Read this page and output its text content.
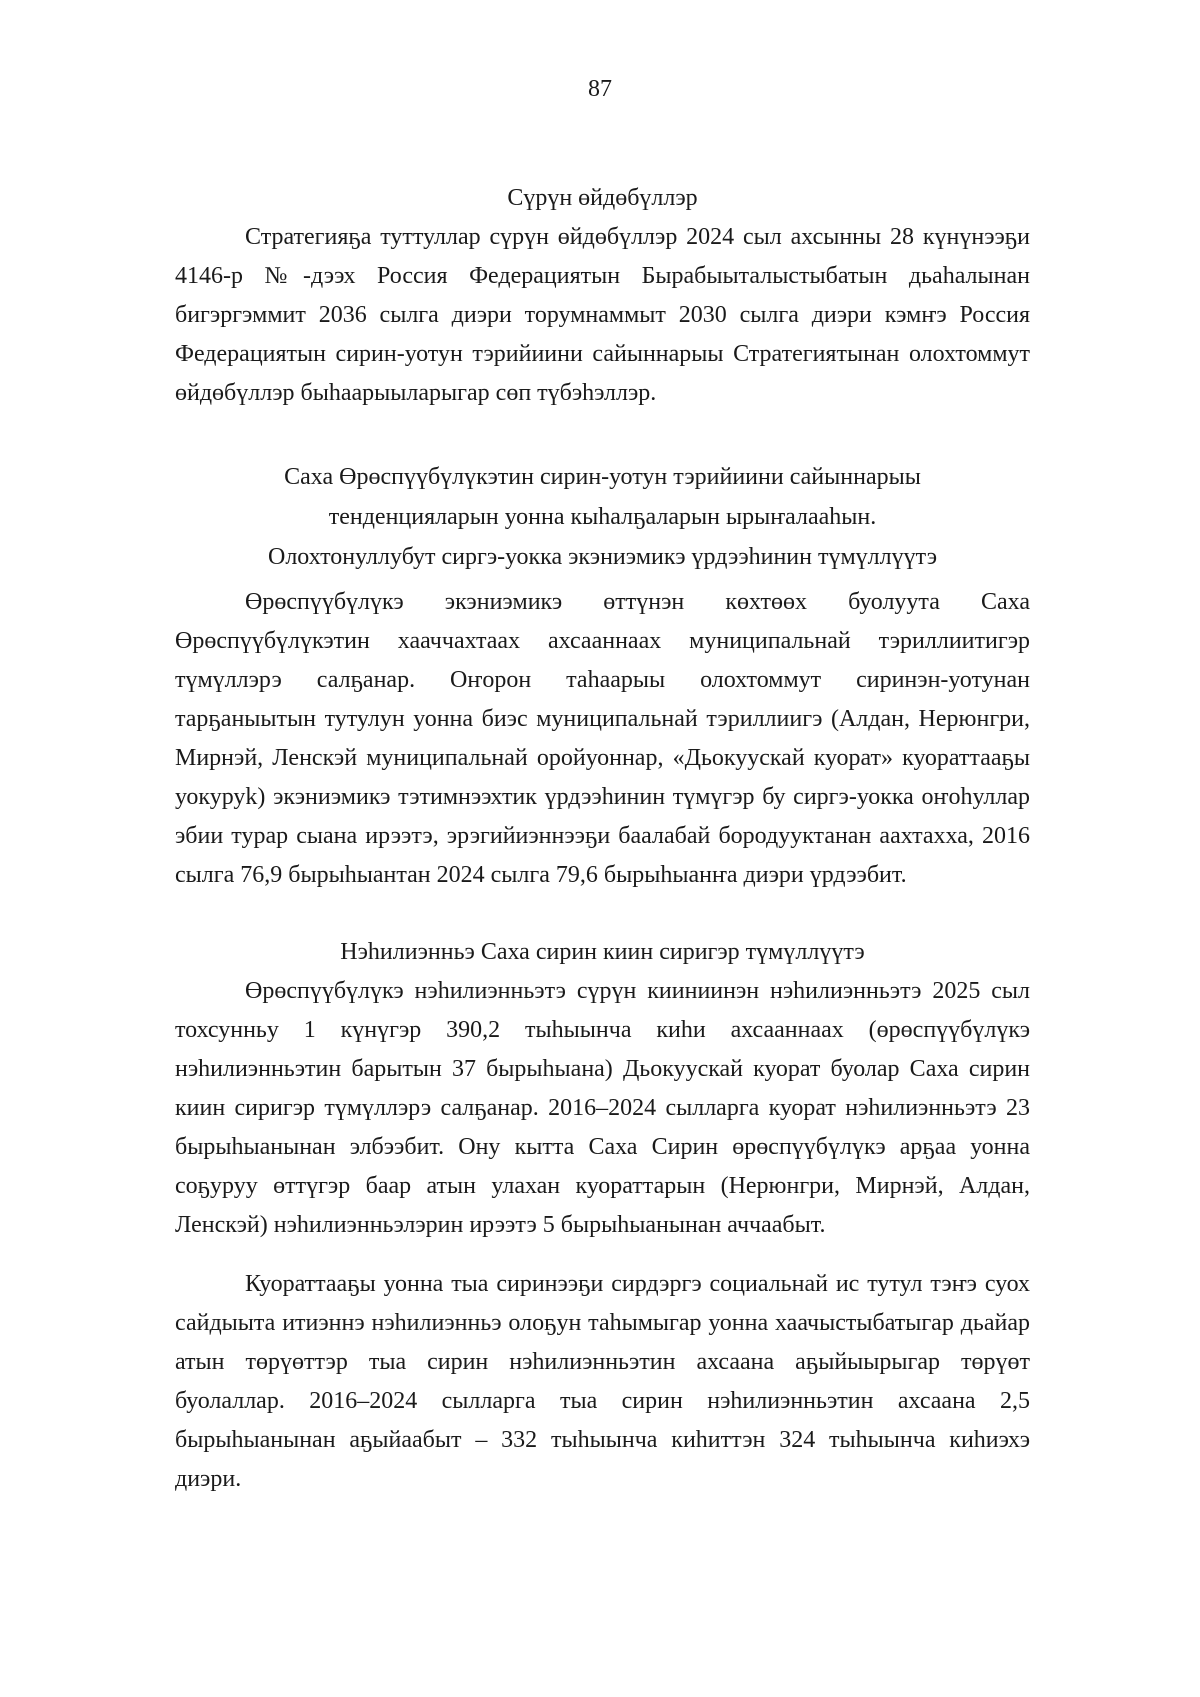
87

Сүрүн өйдөбүллэр

Стратегияҕа туттуллар сүрүн өйдөбүллэр 2024 сыл ахсынны 28 күнүнээҕи 4146-р №-дээх Россия Федерациятын Бырабыыталыстыбатын дьаһалынан бигэргэммит 2036 сылга диэри торумнаммыт 2030 сылга диэри кэмҥэ Россия Федерациятын сирин-уотун тэрийиини сайыннарыы Стратегиятынан олохтоммут өйдөбүллэр быһаарыыларыгар сөп түбэһэллэр.

Саха Өрөспүүбүлүкэтин сирин-уотун тэрийиини сайыннарыы

тенденцияларын уонна кыһалҕаларын ырыҥалааһын.

Олохтонуллубут сиргэ-уокка экэниэмикэ үрдээһинин түмүллүүтэ

Өрөспүүбүлүкэ экэниэмикэ өттүнэн көхтөөх буолуута Саха Өрөспүүбүлүкэтин хааччахтаах ахсааннаах муниципальнай тэриллиитигэр түмүллэрэ салҕанар. Оҥорон таһаарыы олохтоммут сиринэн-уотунан тарҕаныытын тутулун уонна биэс муниципальнай тэриллиигэ (Алдан, Нерюнгри, Мирнэй, Ленскэй муниципальнай оройуоннар, «Дьокуускай куорат» куораттааҕы уокуруk) экэниэмикэ тэтимнээхтик үрдээһинин түмүгэр бу сиргэ-уокка оҥоһуллар эбии турар сыана ирээтэ, эрэгийиэннээҕи баалабай бородууктанан аахтахха, 2016 сылга 76,9 бырыһыантан 2024 сылга 79,6 бырыһыанҥа диэри үрдээбит.

Нэһилиэнньэ Саха сирин киин сиригэр түмүллүүтэ

Өрөспүүбүлүкэ нэһилиэнньэтэ сүрүн кииниинэн нэһилиэнньэтэ 2025 сыл тохсунньу 1 күнүгэр 390,2 тыһыынча киһи ахсааннаах (өрөспүүбүлүкэ нэһилиэнньэтин барытын 37 бырыһыана) Дьокуускай куорат буолар Саха сирин киин сиригэр түмүллэрэ салҕанар. 2016–2024 сылларга куорат нэһилиэнньэтэ 23 бырыһыанынан элбээбит. Ону кытта Саха Сирин өрөспүүбүлүкэ арҕаа уонна соҕуруу өттүгэр баар атын улахан куораттарын (Нерюнгри, Мирнэй, Алдан, Ленскэй) нэһилиэнньэлэрин ирээтэ 5 бырыһыанынан аччаабыт.

Куораттааҕы уонна тыа сиринээҕи сирдэргэ социальнай ис тутул тэҥэ суох сайдыыта итиэннэ нэһилиэнньэ олоҕун таһымыгар уонна хаачыстыбатыгар дьайар атын төрүөттэр тыа сирин нэһилиэнньэтин ахсаана аҕыйыырыгар төрүөт буолаллар. 2016–2024 сылларга тыа сирин нэһилиэнньэтин ахсаана 2,5 бырыһыанынан аҕыйаабыт – 332 тыһыынча киһиттэн 324 тыһыынча киһиэхэ диэри.
